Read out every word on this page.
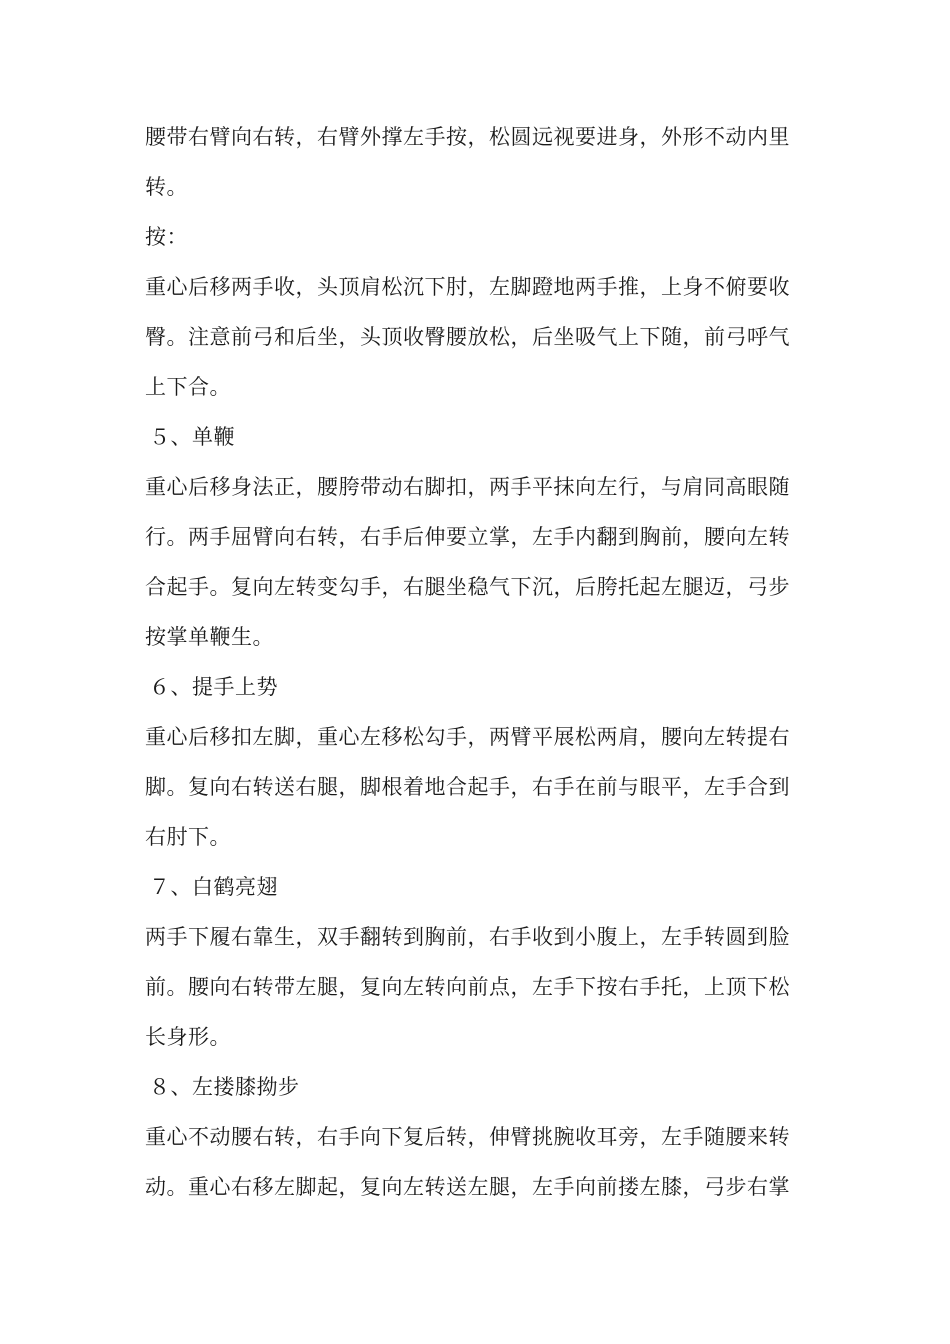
腰带右臂向右转，右臂外撑左手按，松圆远视要进身，外形不动内里
转。
按：
重心后移两手收，头顶肩松沉下肘，左脚蹬地两手推，上身不俯要收
臀。注意前弓和后坐，头顶收臀腰放松，后坐吸气上下随，前弓呼气
上下合。
５、单鞭
重心后移身法正，腰胯带动右脚扣，两手平抹向左行，与肩同高眼随
行。两手屈臂向右转，右手后伸要立掌，左手内翻到胸前，腰向左转
合起手。复向左转变勾手，右腿坐稳气下沉，后胯托起左腿迈，弓步
按掌单鞭生。
６、提手上势
重心后移扣左脚，重心左移松勾手，两臂平展松两肩，腰向左转提右
脚。复向右转送右腿，脚根着地合起手，右手在前与眼平，左手合到
右肘下。
７、白鹤亮翅
两手下履右靠生，双手翻转到胸前，右手收到小腹上，左手转圆到脸
前。腰向右转带左腿，复向左转向前点，左手下按右手托，上顶下松
长身形。
８、左搂膝拗步
重心不动腰右转，右手向下复后转，伸臂挑腕收耳旁，左手随腰来转
动。重心右移左脚起，复向左转送左腿，左手向前搂左膝，弓步右掌
